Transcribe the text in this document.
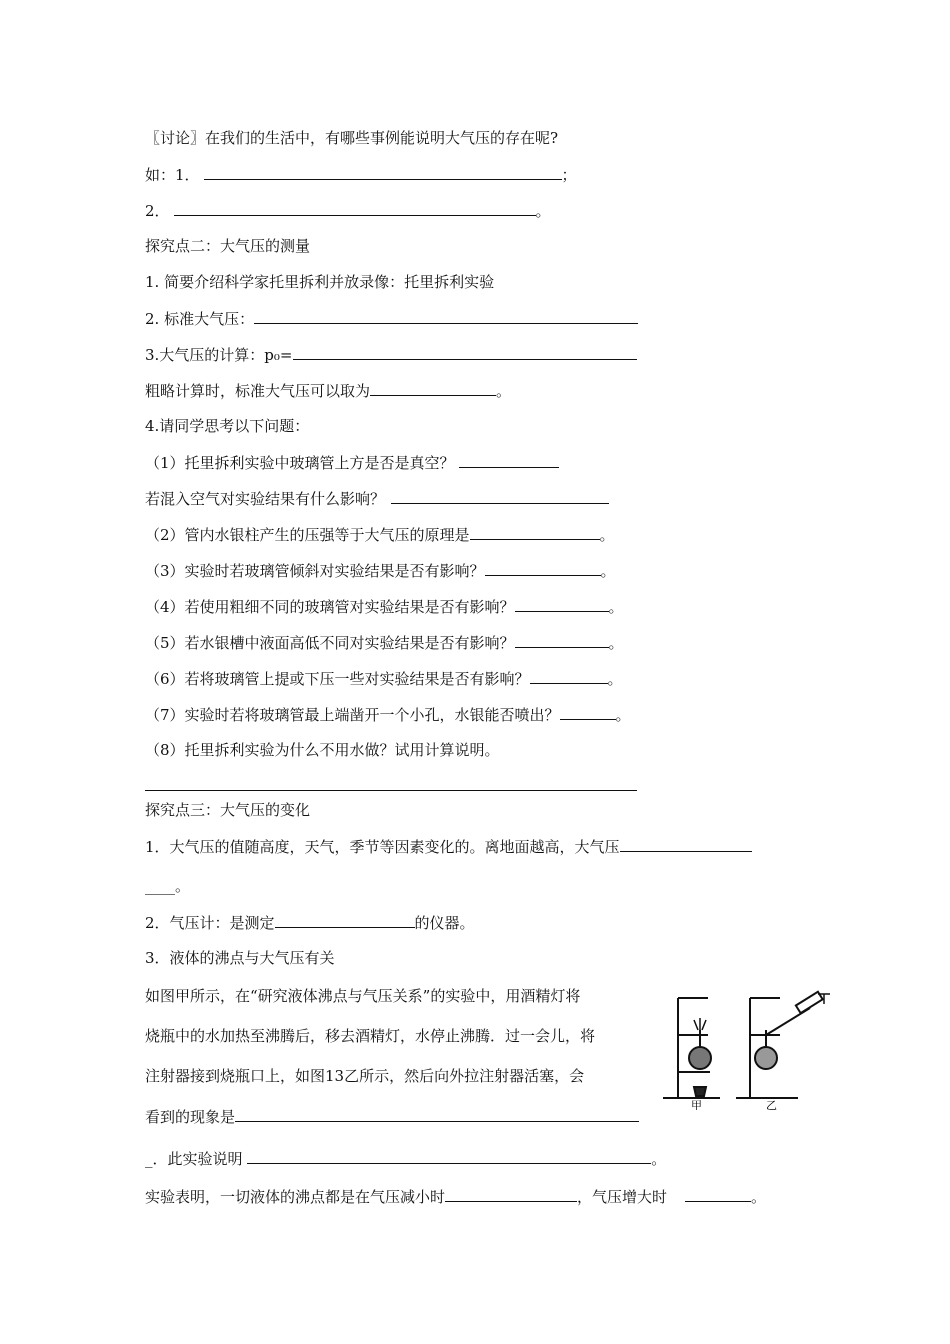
〖讨论〗在我们的生活中，有哪些事例能说明大气压的存在呢?
如：1．	；
2．	。
探究点二：大气压的测量
1. 简要介绍科学家托里拆利并放录像：托里拆利实验
2. 标准大气压：
3.大气压的计算：p₀=
粗略计算时，标准大气压可以取为	。
4.请同学思考以下问题：
（1）托里拆利实验中玻璃管上方是否是真空？
若混入空气对实验结果有什么影响？
（2）管内水银柱产生的压强等于大气压的原理是	。
（3）实验时若玻璃管倾斜对实验结果是否有影响？	。
（4）若使用粗细不同的玻璃管对实验结果是否有影响？	。
（5）若水银槽中液面高低不同对实验结果是否有影响？	。
（6）若将玻璃管上提或下压一些对实验结果是否有影响？	。
（7）实验时若将玻璃管最上端凿开一个小孔，水银能否喷出？	。
（8）托里拆利实验为什么不用水做？试用计算说明。
探究点三：大气压的变化
1．大气压的值随高度，天气，季节等因素变化的。离地面越高，大气压
____。
2．气压计：是测定	的仪器。
3．液体的沸点与大气压有关
如图甲所示，在“研究液体沸点与气压关系”的实验中，用酒精灯将
烧瓶中的水加热至沸腾后，移去酒精灯，水停止沸腾．过一会儿，将
注射器接到烧瓶口上，如图13乙所示，然后向外拉注射器活塞，会
看到的现象是
_．此实验说明	。
实验表明，一切液体的沸点都是在气压减小时	，气压增大时	。
甲	乙
